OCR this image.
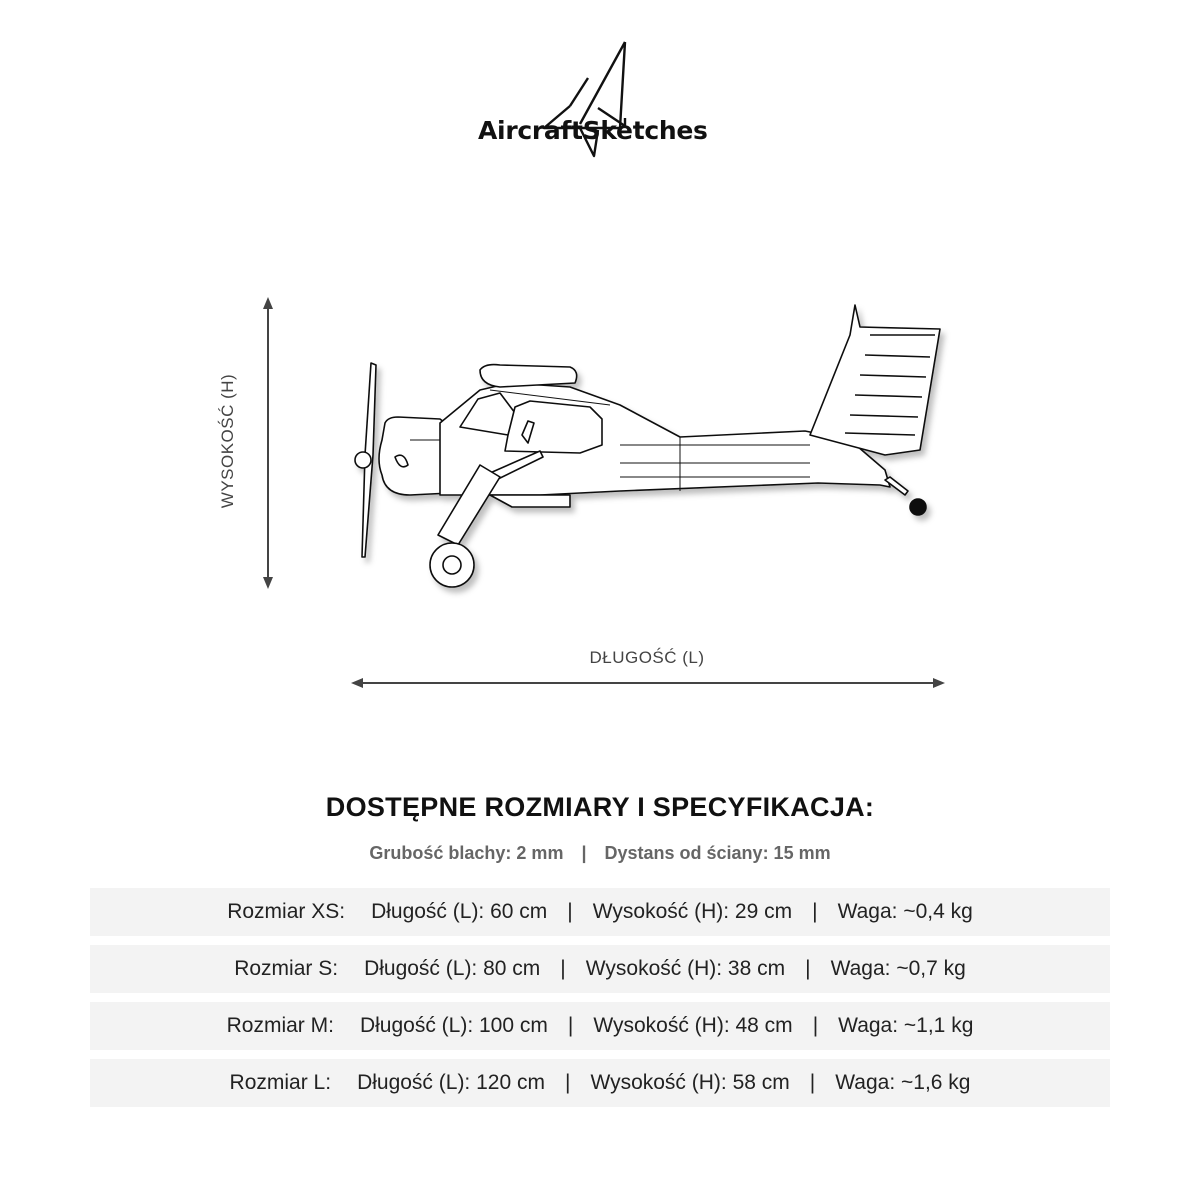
AircraftSketches
WYSOKOŚĆ (H)
DŁUGOŚĆ (L)
DOSTĘPNE ROZMIARY I SPECYFIKACJA:
Grubość blachy: 2 mm | Dystans od ściany: 15 mm
Rozmiar XS: Długość (L): 60 cm | Wysokość (H): 29 cm | Waga: ~0,4 kg
Rozmiar S: Długość (L): 80 cm | Wysokość (H): 38 cm | Waga: ~0,7 kg
Rozmiar M: Długość (L): 100 cm | Wysokość (H): 48 cm | Waga: ~1,1 kg
Rozmiar L: Długość (L): 120 cm | Wysokość (H): 58 cm | Waga: ~1,6 kg
